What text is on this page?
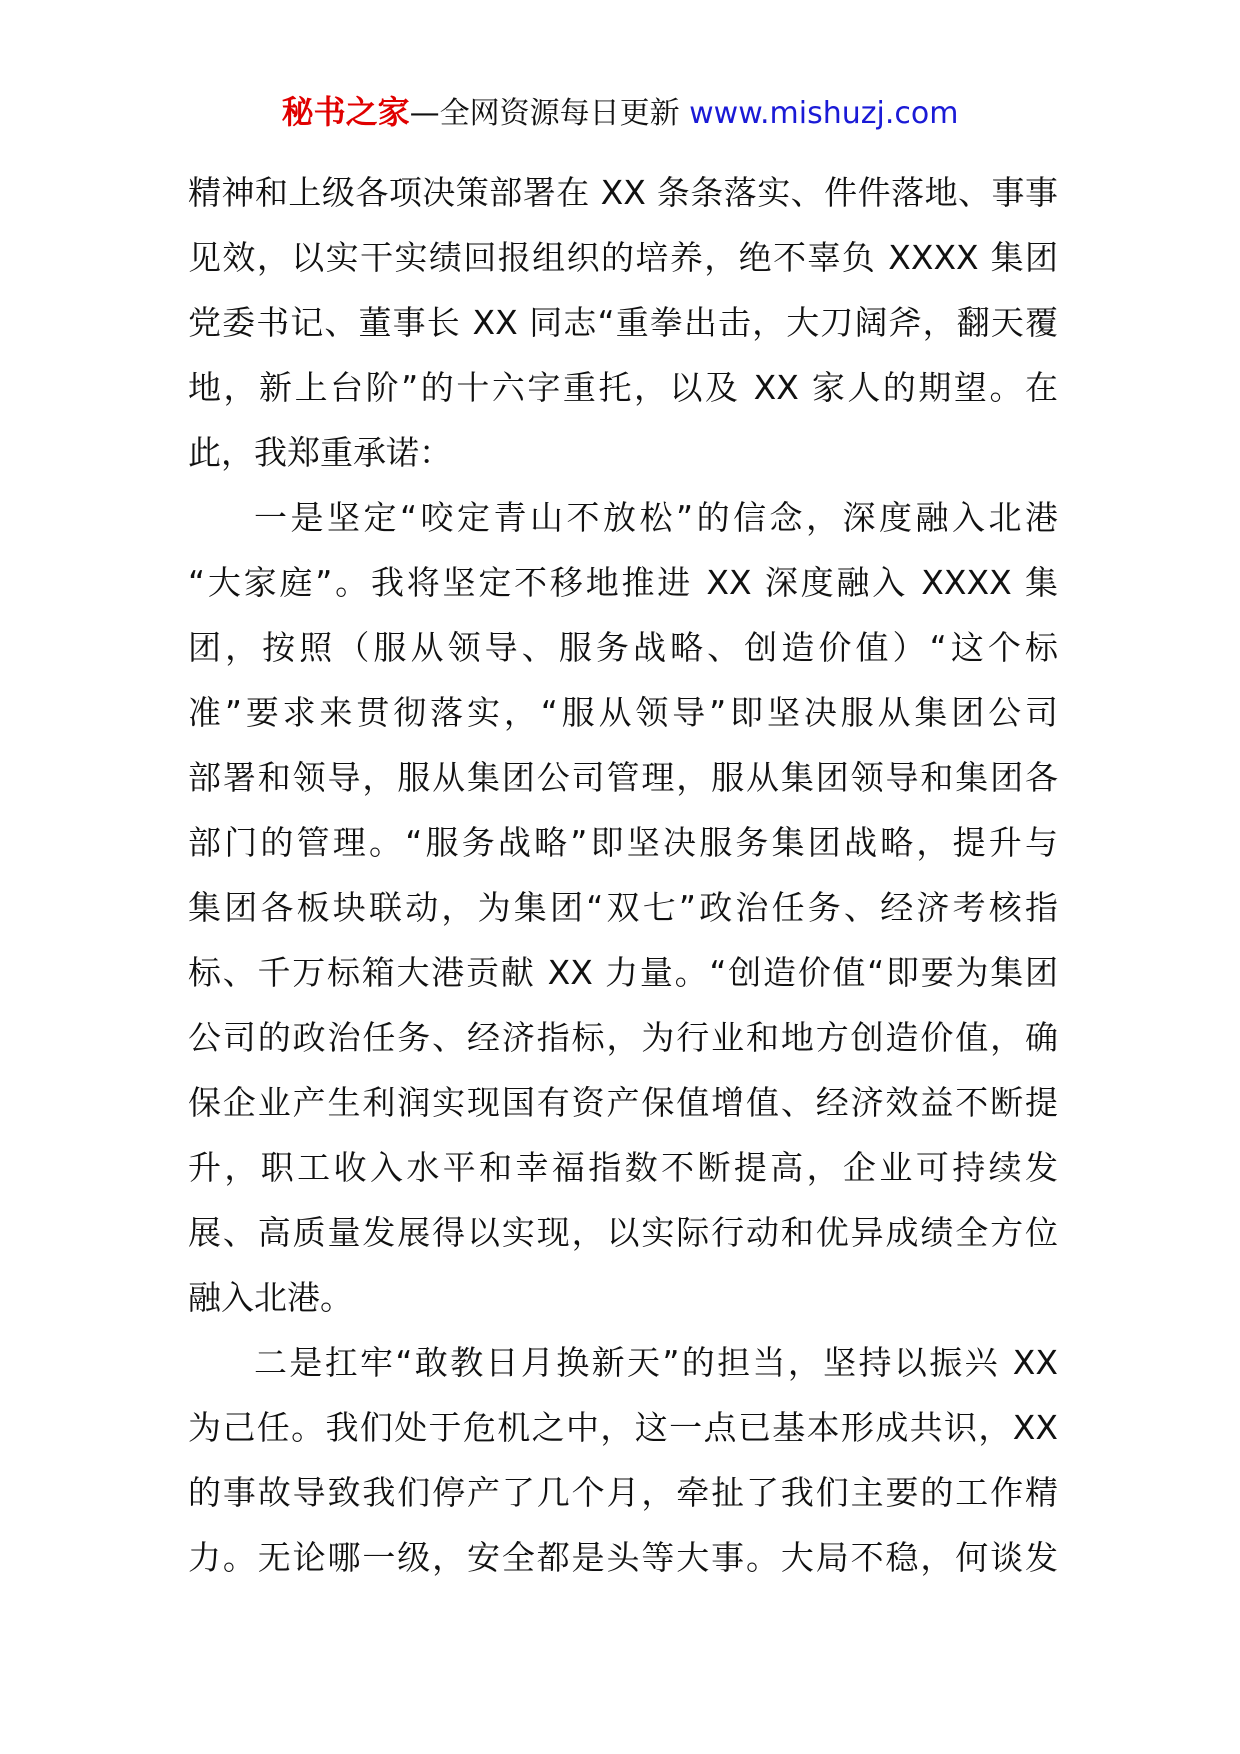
秘书之家—全网资源每日更新 www.mishuzj.com
精神和上级各项决策部署在 XX 条条落实、件件落地、事事
见效，以实干实绩回报组织的培养，绝不辜负 XXXX 集团
党委书记、董事长 XX 同志“重拳出击，大刀阔斧，翻天覆
地，新上台阶”的十六字重托，以及 XX 家人的期望。在
此，我郑重承诺：
一是坚定“咬定青山不放松”的信念，深度融入北港
“大家庭”。我将坚定不移地推进 XX 深度融入 XXXX 集
团，按照（服从领导、服务战略、创造价值）“这个标
准”要求来贯彻落实，“服从领导”即坚决服从集团公司
部署和领导，服从集团公司管理，服从集团领导和集团各
部门的管理。“服务战略”即坚决服务集团战略，提升与
集团各板块联动，为集团“双七”政治任务、经济考核指
标、千万标箱大港贡献 XX 力量。“创造价值“即要为集团
公司的政治任务、经济指标，为行业和地方创造价值，确
保企业产生利润实现国有资产保值增值、经济效益不断提
升，职工收入水平和幸福指数不断提高，企业可持续发
展、高质量发展得以实现，以实际行动和优异成绩全方位
融入北港。
二是扛牢“敢教日月换新天”的担当，坚持以振兴 XX
为己任。我们处于危机之中，这一点已基本形成共识，XX
的事故导致我们停产了几个月，牵扯了我们主要的工作精
力。无论哪一级，安全都是头等大事。大局不稳，何谈发
